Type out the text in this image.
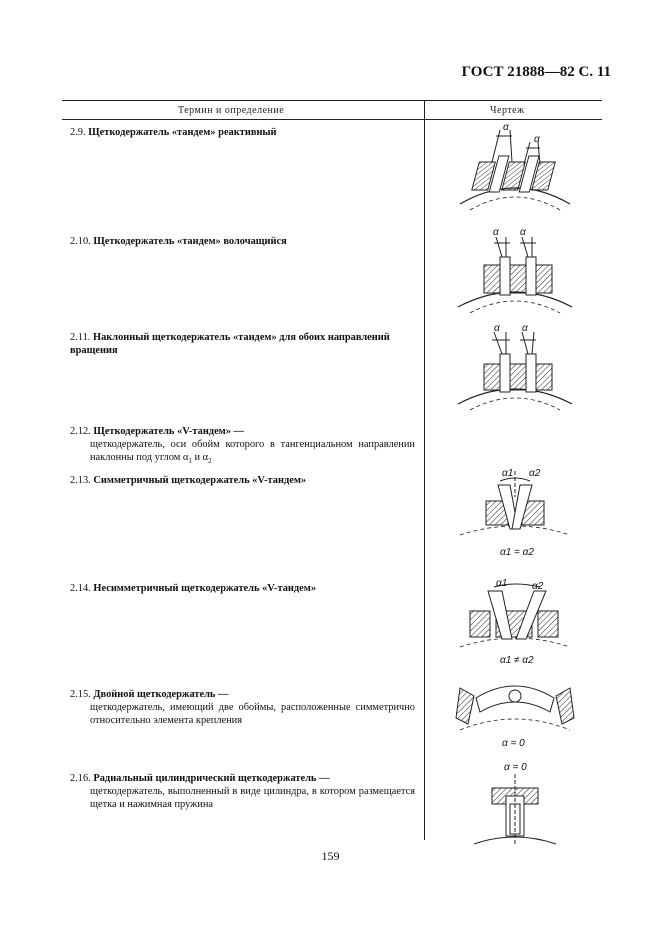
ГОСТ 21888—82 С. 11
Термин и определение	Чертеж
2.9. Щеткодержатель «тандем» реактивный
2.10. Щеткодержатель «тандем» волочащийся
2.11. Наклонный щеткодержатель «тандем» для обоих направлений вращения
2.12. Щеткодержатель «V-тандем» —
щеткодержатель, оси обойм которого в тангенциальном направлении наклонны под углом $\alpha_1$ и $\alpha_2$
2.13. Симметричный щеткодержатель «V-тандем»
2.14. Несимметричный щеткодержатель «V-тандем»
2.15. Двойной щеткодержатель —
щеткодержатель, имеющий две обоймы, расположенные симметрично относительно элемента крепления
2.16. Радиальный цилиндрический щеткодержатель —
щеткодержатель, выполненный в виде цилиндра, в котором размещается щетка и нажимная пружина
α
α
α α
α α
α1 α2
α1 = α2
α1 α2
α1 ≠ α2
α = 0
α = 0
159
